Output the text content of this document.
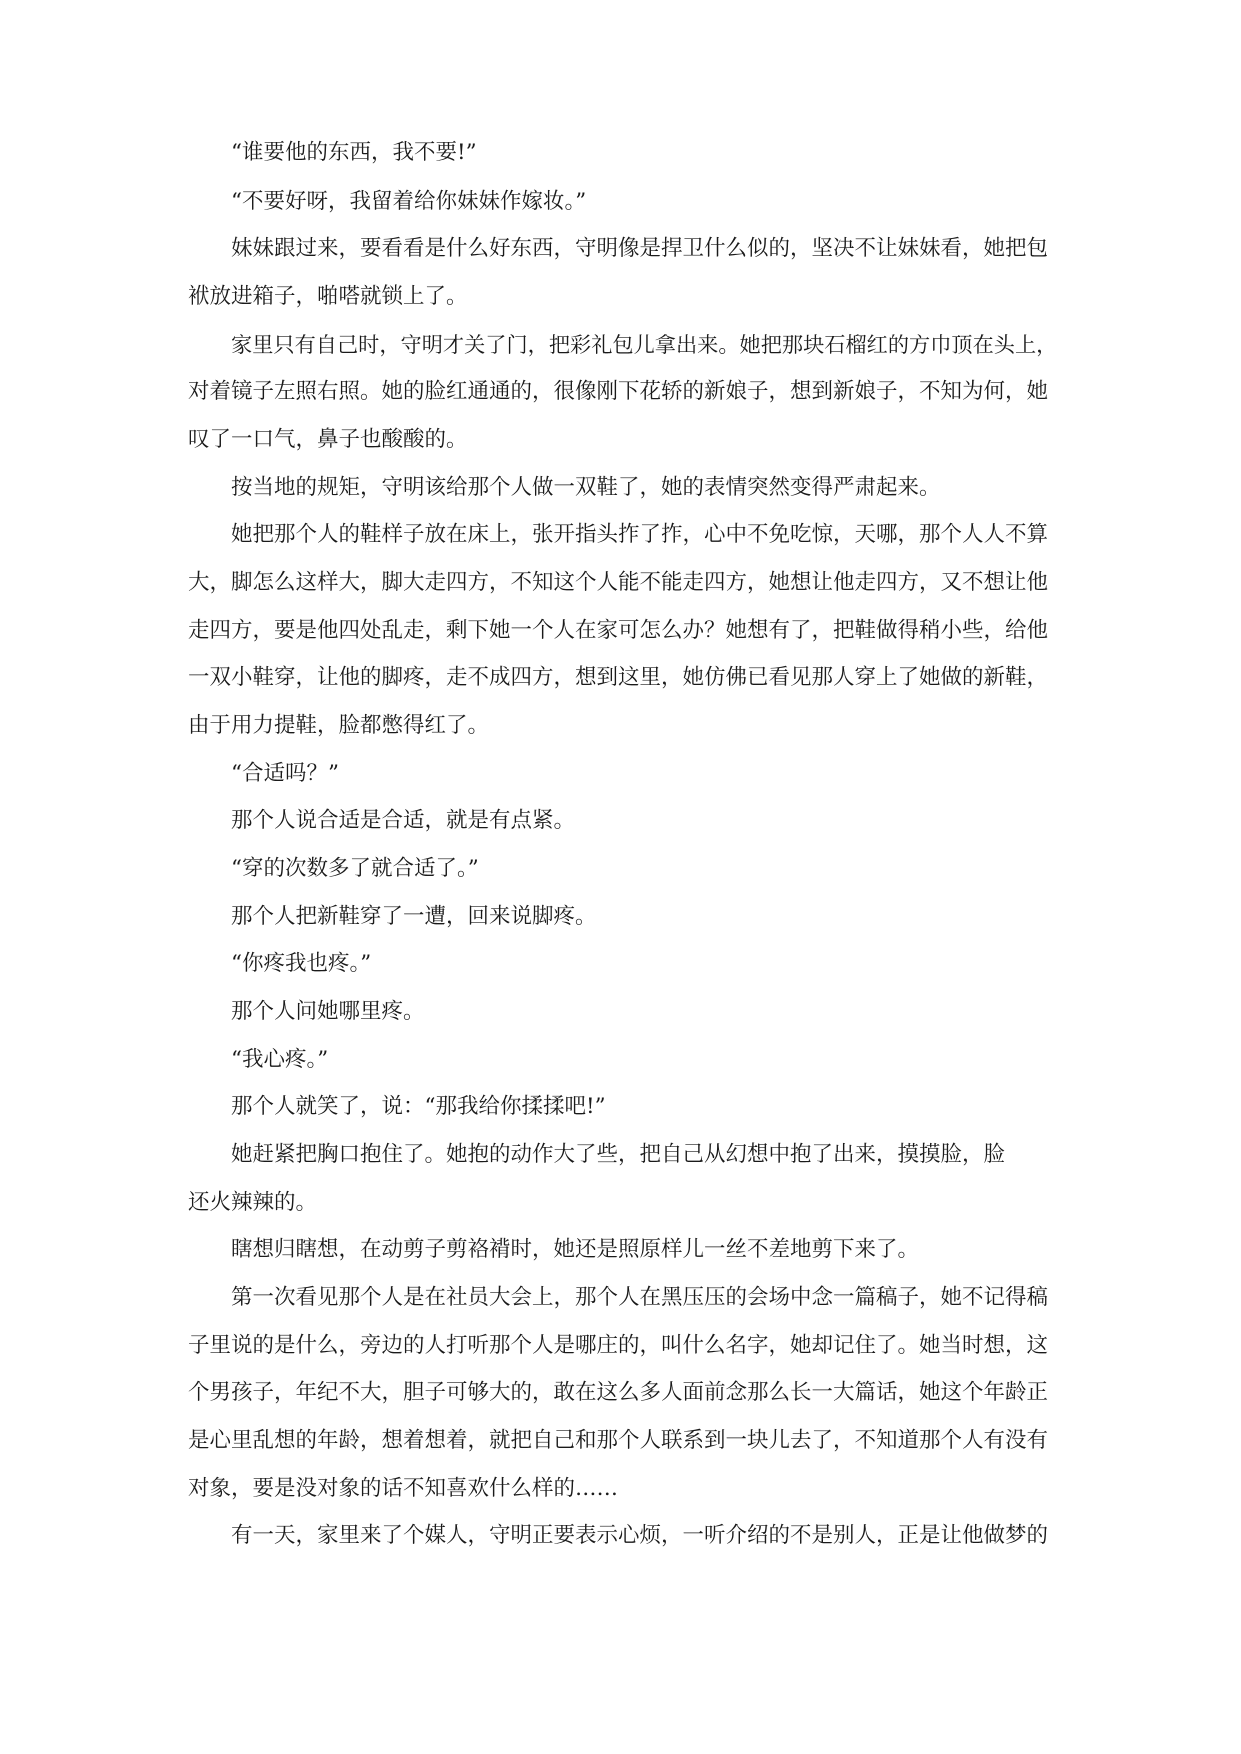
“谁要他的东西，我不要!”
“不要好呀，我留着给你妹妹作嫁妆。”
妹妹跟过来，要看看是什么好东西，守明像是捍卫什么似的，坚决不让妹妹看，她把包
袱放进箱子，啪嗒就锁上了。
家里只有自己时，守明才关了门，把彩礼包儿拿出来。她把那块石榴红的方巾顶在头上，
对着镜子左照右照。她的脸红通通的，很像刚下花轿的新娘子，想到新娘子，不知为何，她
叹了一口气，鼻子也酸酸的。
按当地的规矩，守明该给那个人做一双鞋了，她的表情突然变得严肃起来。
她把那个人的鞋样子放在床上，张开指头拃了拃，心中不免吃惊，天哪，那个人人不算
大，脚怎么这样大，脚大走四方，不知这个人能不能走四方，她想让他走四方，又不想让他
走四方，要是他四处乱走，剩下她一个人在家可怎么办？她想有了，把鞋做得稍小些，给他
一双小鞋穿，让他的脚疼，走不成四方，想到这里，她仿佛已看见那人穿上了她做的新鞋，
由于用力提鞋，脸都憋得红了。
“合适吗？”
那个人说合适是合适，就是有点紧。
“穿的次数多了就合适了。”
那个人把新鞋穿了一遭，回来说脚疼。
“你疼我也疼。”
那个人问她哪里疼。
“我心疼。”
那个人就笑了，说：“那我给你揉揉吧!”
她赶紧把胸口抱住了。她抱的动作大了些，把自己从幻想中抱了出来，摸摸脸，脸
还火辣辣的。
瞎想归瞎想，在动剪子剪袼褙时，她还是照原样儿一丝不差地剪下来了。
第一次看见那个人是在社员大会上，那个人在黑压压的会场中念一篇稿子，她不记得稿
子里说的是什么，旁边的人打听那个人是哪庄的，叫什么名字，她却记住了。她当时想，这
个男孩子，年纪不大，胆子可够大的，敢在这么多人面前念那么长一大篇话，她这个年龄正
是心里乱想的年龄，想着想着，就把自己和那个人联系到一块儿去了，不知道那个人有没有
对象，要是没对象的话不知喜欢什么样的……
有一天，家里来了个媒人，守明正要表示心烦，一听介绍的不是别人，正是让他做梦的
